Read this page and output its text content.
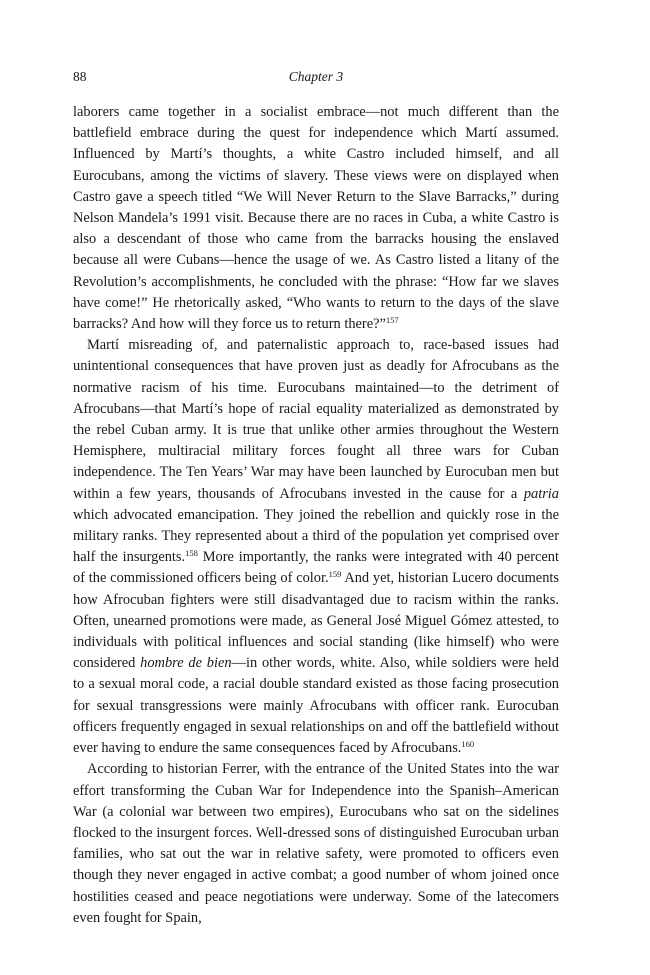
88	Chapter 3

laborers came together in a socialist embrace—not much different than the battlefield embrace during the quest for independence which Martí assumed. Influenced by Martí’s thoughts, a white Castro included himself, and all Eurocubans, among the victims of slavery. These views were on displayed when Castro gave a speech titled “We Will Never Return to the Slave Barracks,” during Nelson Mandela’s 1991 visit. Because there are no races in Cuba, a white Castro is also a descendant of those who came from the barracks housing the enslaved because all were Cubans—hence the usage of we. As Castro listed a litany of the Revolution’s accomplishments, he concluded with the phrase: “How far we slaves have come!” He rhetorically asked, “Who wants to return to the days of the slave barracks? And how will they force us to return there?”$^{157}$

Martí misreading of, and paternalistic approach to, race-based issues had unintentional consequences that have proven just as deadly for Afrocubans as the normative racism of his time. Eurocubans maintained—to the detriment of Afrocubans—that Martí’s hope of racial equality materialized as demonstrated by the rebel Cuban army. It is true that unlike other armies throughout the Western Hemisphere, multiracial military forces fought all three wars for Cuban independence. The Ten Years’ War may have been launched by Eurocuban men but within a few years, thousands of Afrocubans invested in the cause for a patria which advocated emancipation. They joined the rebellion and quickly rose in the military ranks. They represented about a third of the population yet comprised over half the insurgents.$^{158}$ More importantly, the ranks were integrated with 40 percent of the commissioned officers being of color.$^{159}$ And yet, historian Lucero documents how Afrocuban fighters were still disadvantaged due to racism within the ranks. Often, unearned promotions were made, as General José Miguel Gómez attested, to individuals with political influences and social standing (like himself) who were considered hombre de bien—in other words, white. Also, while soldiers were held to a sexual moral code, a racial double standard existed as those facing prosecution for sexual transgressions were mainly Afrocubans with officer rank. Eurocuban officers frequently engaged in sexual relationships on and off the battlefield without ever having to endure the same consequences faced by Afrocubans.$^{160}$

According to historian Ferrer, with the entrance of the United States into the war effort transforming the Cuban War for Independence into the Spanish–American War (a colonial war between two empires), Eurocubans who sat on the sidelines flocked to the insurgent forces. Well-dressed sons of distinguished Eurocuban urban families, who sat out the war in relative safety, were promoted to officers even though they never engaged in active combat; a good number of whom joined once hostilities ceased and peace negotiations were underway. Some of the latecomers even fought for Spain,
